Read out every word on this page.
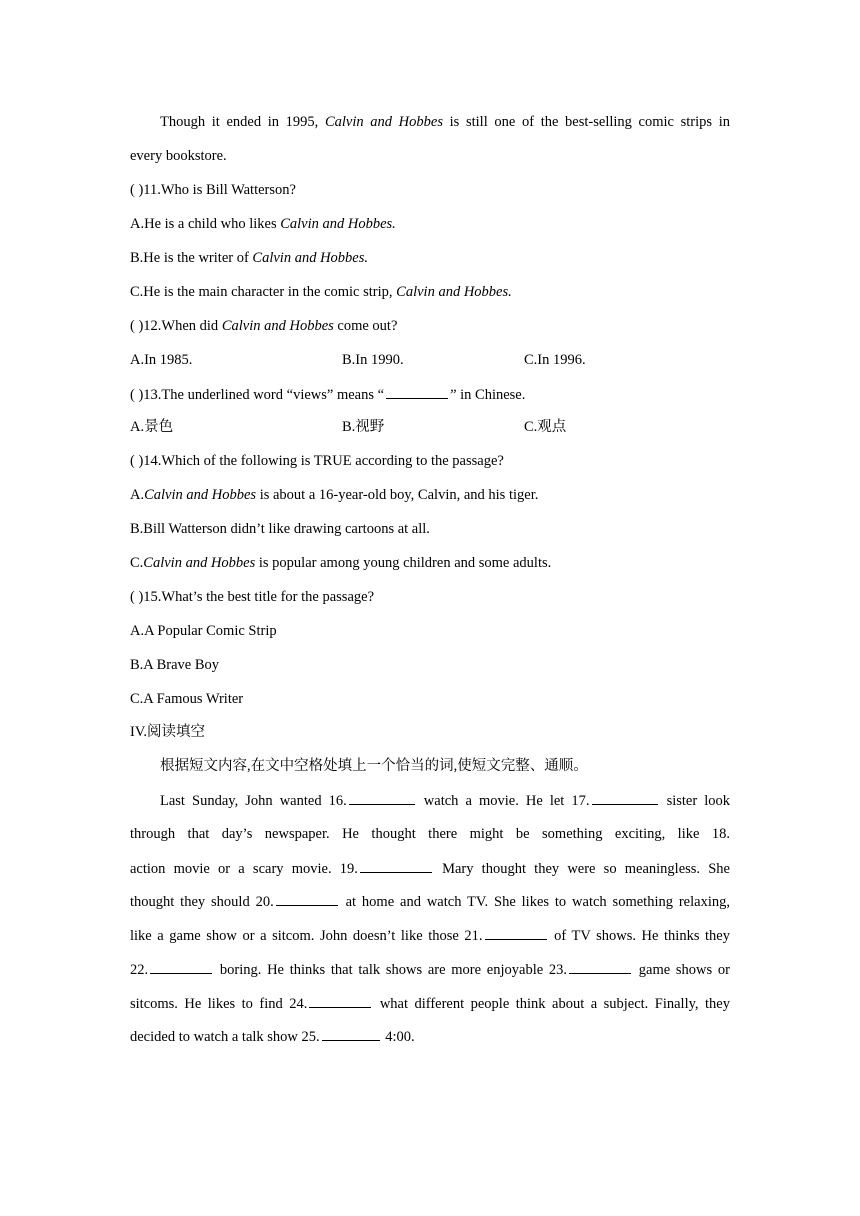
Though it ended in 1995, Calvin and Hobbes is still one of the best-selling comic strips in
every bookstore.
( )11.Who is Bill Watterson?
A.He is a child who likes Calvin and Hobbes.
B.He is the writer of Calvin and Hobbes.
C.He is the main character in the comic strip, Calvin and Hobbes.
( )12.When did Calvin and Hobbes come out?
A.In 1985.	B.In 1990.	C.In 1996.
( )13.The underlined word “views” means “	” in Chinese.
A.景色	B.视野	C.观点
( )14.Which of the following is TRUE according to the passage?
A.Calvin and Hobbes is about a 16-year-old boy, Calvin, and his tiger.
B.Bill Watterson didn’t like drawing cartoons at all.
C.Calvin and Hobbes is popular among young children and some adults.
( )15.What’s the best title for the passage?
A.A Popular Comic Strip
B.A Brave Boy
C.A Famous Writer
IV.阅读填空
根据短文内容,在文中空格处填上一个恰当的词,使短文完整、通顺。
Last Sunday, John wanted 16.	watch a movie. He let 17.	sister look
through that day’s newspaper. He thought there might be something exciting, like 18.
action movie or a scary movie. 19.	Mary thought they were so meaningless. She
thought they should 20.	at home and watch TV. She likes to watch something relaxing,
like a game show or a sitcom. John doesn’t like those 21.	of TV shows. He thinks they
22.	boring. He thinks that talk shows are more enjoyable 23.	game shows or
sitcoms. He likes to find 24.	what different people think about a subject. Finally, they
decided to watch a talk show 25.	4:00.
